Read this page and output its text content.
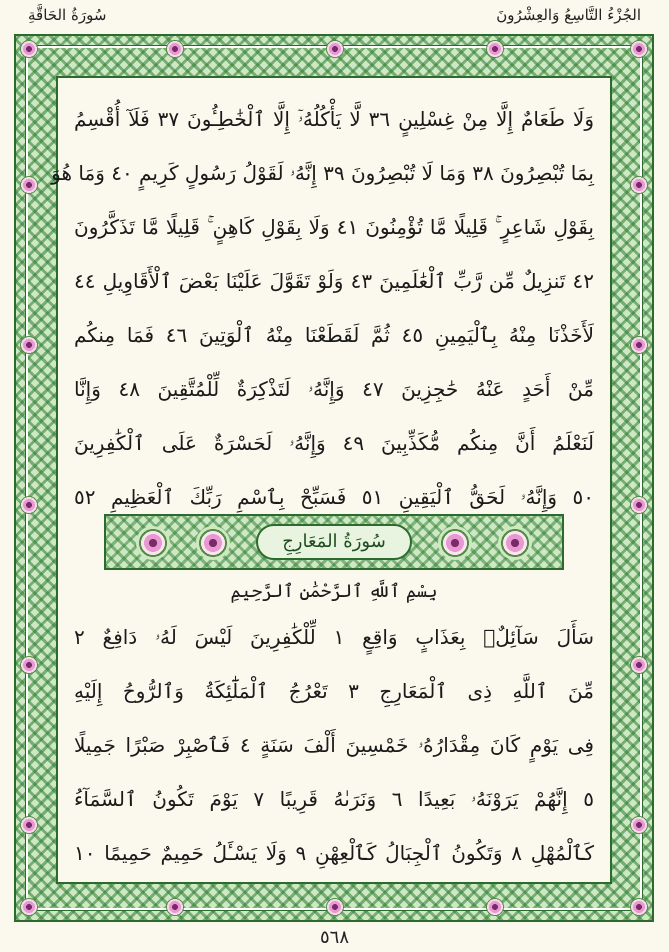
سُورَةُ الحَاقَّةِ	الجُزْءُ التَّاسِعُ وَالعِشْرُونَ
وَلَا طَعَامٌ إِلَّا مِنْ غِسْلِينٍ ٣٦ لَّا يَأْكُلُهُۥٓ إِلَّا ٱلْخَٰطِـُٔونَ ٣٧ فَلَآ أُقْسِمُ
بِمَا تُبْصِرُونَ ٣٨ وَمَا لَا تُبْصِرُونَ ٣٩ إِنَّهُۥ لَقَوْلُ رَسُولٍ كَرِيمٍ ٤٠ وَمَا هُوَ
بِقَوْلِ شَاعِرٍ ۚ قَلِيلًا مَّا تُؤْمِنُونَ ٤١ وَلَا بِقَوْلِ كَاهِنٍ ۚ قَلِيلًا مَّا تَذَكَّرُونَ
٤٢ تَنزِيلٌ مِّن رَّبِّ ٱلْعَٰلَمِينَ ٤٣ وَلَوْ تَقَوَّلَ عَلَيْنَا بَعْضَ ٱلْأَقَاوِيلِ ٤٤
لَأَخَذْنَا مِنْهُ بِٱلْيَمِينِ ٤٥ ثُمَّ لَقَطَعْنَا مِنْهُ ٱلْوَتِينَ ٤٦ فَمَا مِنكُم
مِّنْ أَحَدٍ عَنْهُ حَٰجِزِينَ ٤٧ وَإِنَّهُۥ لَتَذْكِرَةٌ لِّلْمُتَّقِينَ ٤٨ وَإِنَّا
لَنَعْلَمُ أَنَّ مِنكُم مُّكَذِّبِينَ ٤٩ وَإِنَّهُۥ لَحَسْرَةٌ عَلَى ٱلْكَٰفِرِينَ
٥٠ وَإِنَّهُۥ لَحَقُّ ٱلْيَقِينِ ٥١ فَسَبِّحْ بِٱسْمِ رَبِّكَ ٱلْعَظِيمِ ٥٢
سُورَةُ المَعَارِجِ
بِسْمِ ٱللَّهِ ٱلرَّحْمَٰنِ ٱلرَّحِيمِ
سَأَلَ سَآئِلٌۢ بِعَذَابٍ وَاقِعٍ ١ لِّلْكَٰفِرِينَ لَيْسَ لَهُۥ دَافِعٌ ٢
مِّنَ ٱللَّهِ ذِى ٱلْمَعَارِجِ ٣ تَعْرُجُ ٱلْمَلَٰٓئِكَةُ وَٱلرُّوحُ إِلَيْهِ
فِى يَوْمٍ كَانَ مِقْدَارُهُۥ خَمْسِينَ أَلْفَ سَنَةٍ ٤ فَٱصْبِرْ صَبْرًا جَمِيلًا
٥ إِنَّهُمْ يَرَوْنَهُۥ بَعِيدًا ٦ وَنَرَىٰهُ قَرِيبًا ٧ يَوْمَ تَكُونُ ٱلسَّمَآءُ
كَٱلْمُهْلِ ٨ وَتَكُونُ ٱلْجِبَالُ كَٱلْعِهْنِ ٩ وَلَا يَسْـَٔلُ حَمِيمٌ حَمِيمًا ١٠
٥٦٨
